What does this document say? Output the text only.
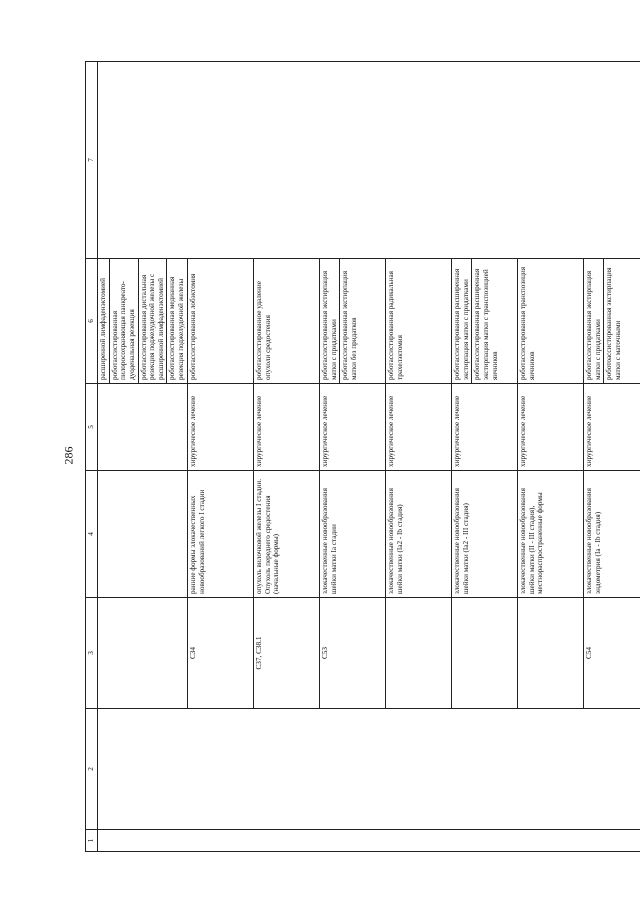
286
1	2	3	4	5	6	7

					расширенной лимфаденэктомией роботассистированная пилоросохраняющая панкреато-дуоденальная резекция роботассистированная дистальная резекция поджелудочной железы с расширенной лимфаденэктомией роботассистированная медианная резекция поджелудочной железы	

		C34	ранние формы злокачественных новообразований легкого I стадии	хирургическое лечение	роботассистированная лобэктомия	

		C37, C38.1	опухоль вилочковой железы I стадии. Опухоль переднего средостения (начальные формы)	хирургическое лечение	роботассистированное удаление опухоли средостения	

		C53	злокачественные новообразования шейки матки Ia стадии	хирургическое лечение	роботассистированная экстирпация матки с придатками роботассистированная экстирпация матки без придатков	

			злокачественные новообразования шейки матки (Ia2 - Ib стадия)	хирургическое лечение	роботассистированная радикальная трахелэктомия	

			злокачественные новообразования шейки матки (Ia2 - III стадия)	хирургическое лечение	роботассистированная расширенная экстирпация матки с придатками роботассистированная расширенная экстирпация матки с транспозицией яичников	

			злокачественные новообразования шейки матки (II - III стадия), местнораспространенные формы	хирургическое лечение	роботассистированная транспозиция яичников	

		C54	злокачественные новообразования эндометрия (Ia - Ib стадия)	хирургическое лечение	роботассистированная экстирпация матки с придатками роботоассистированная экстирпация матки с маточными	
